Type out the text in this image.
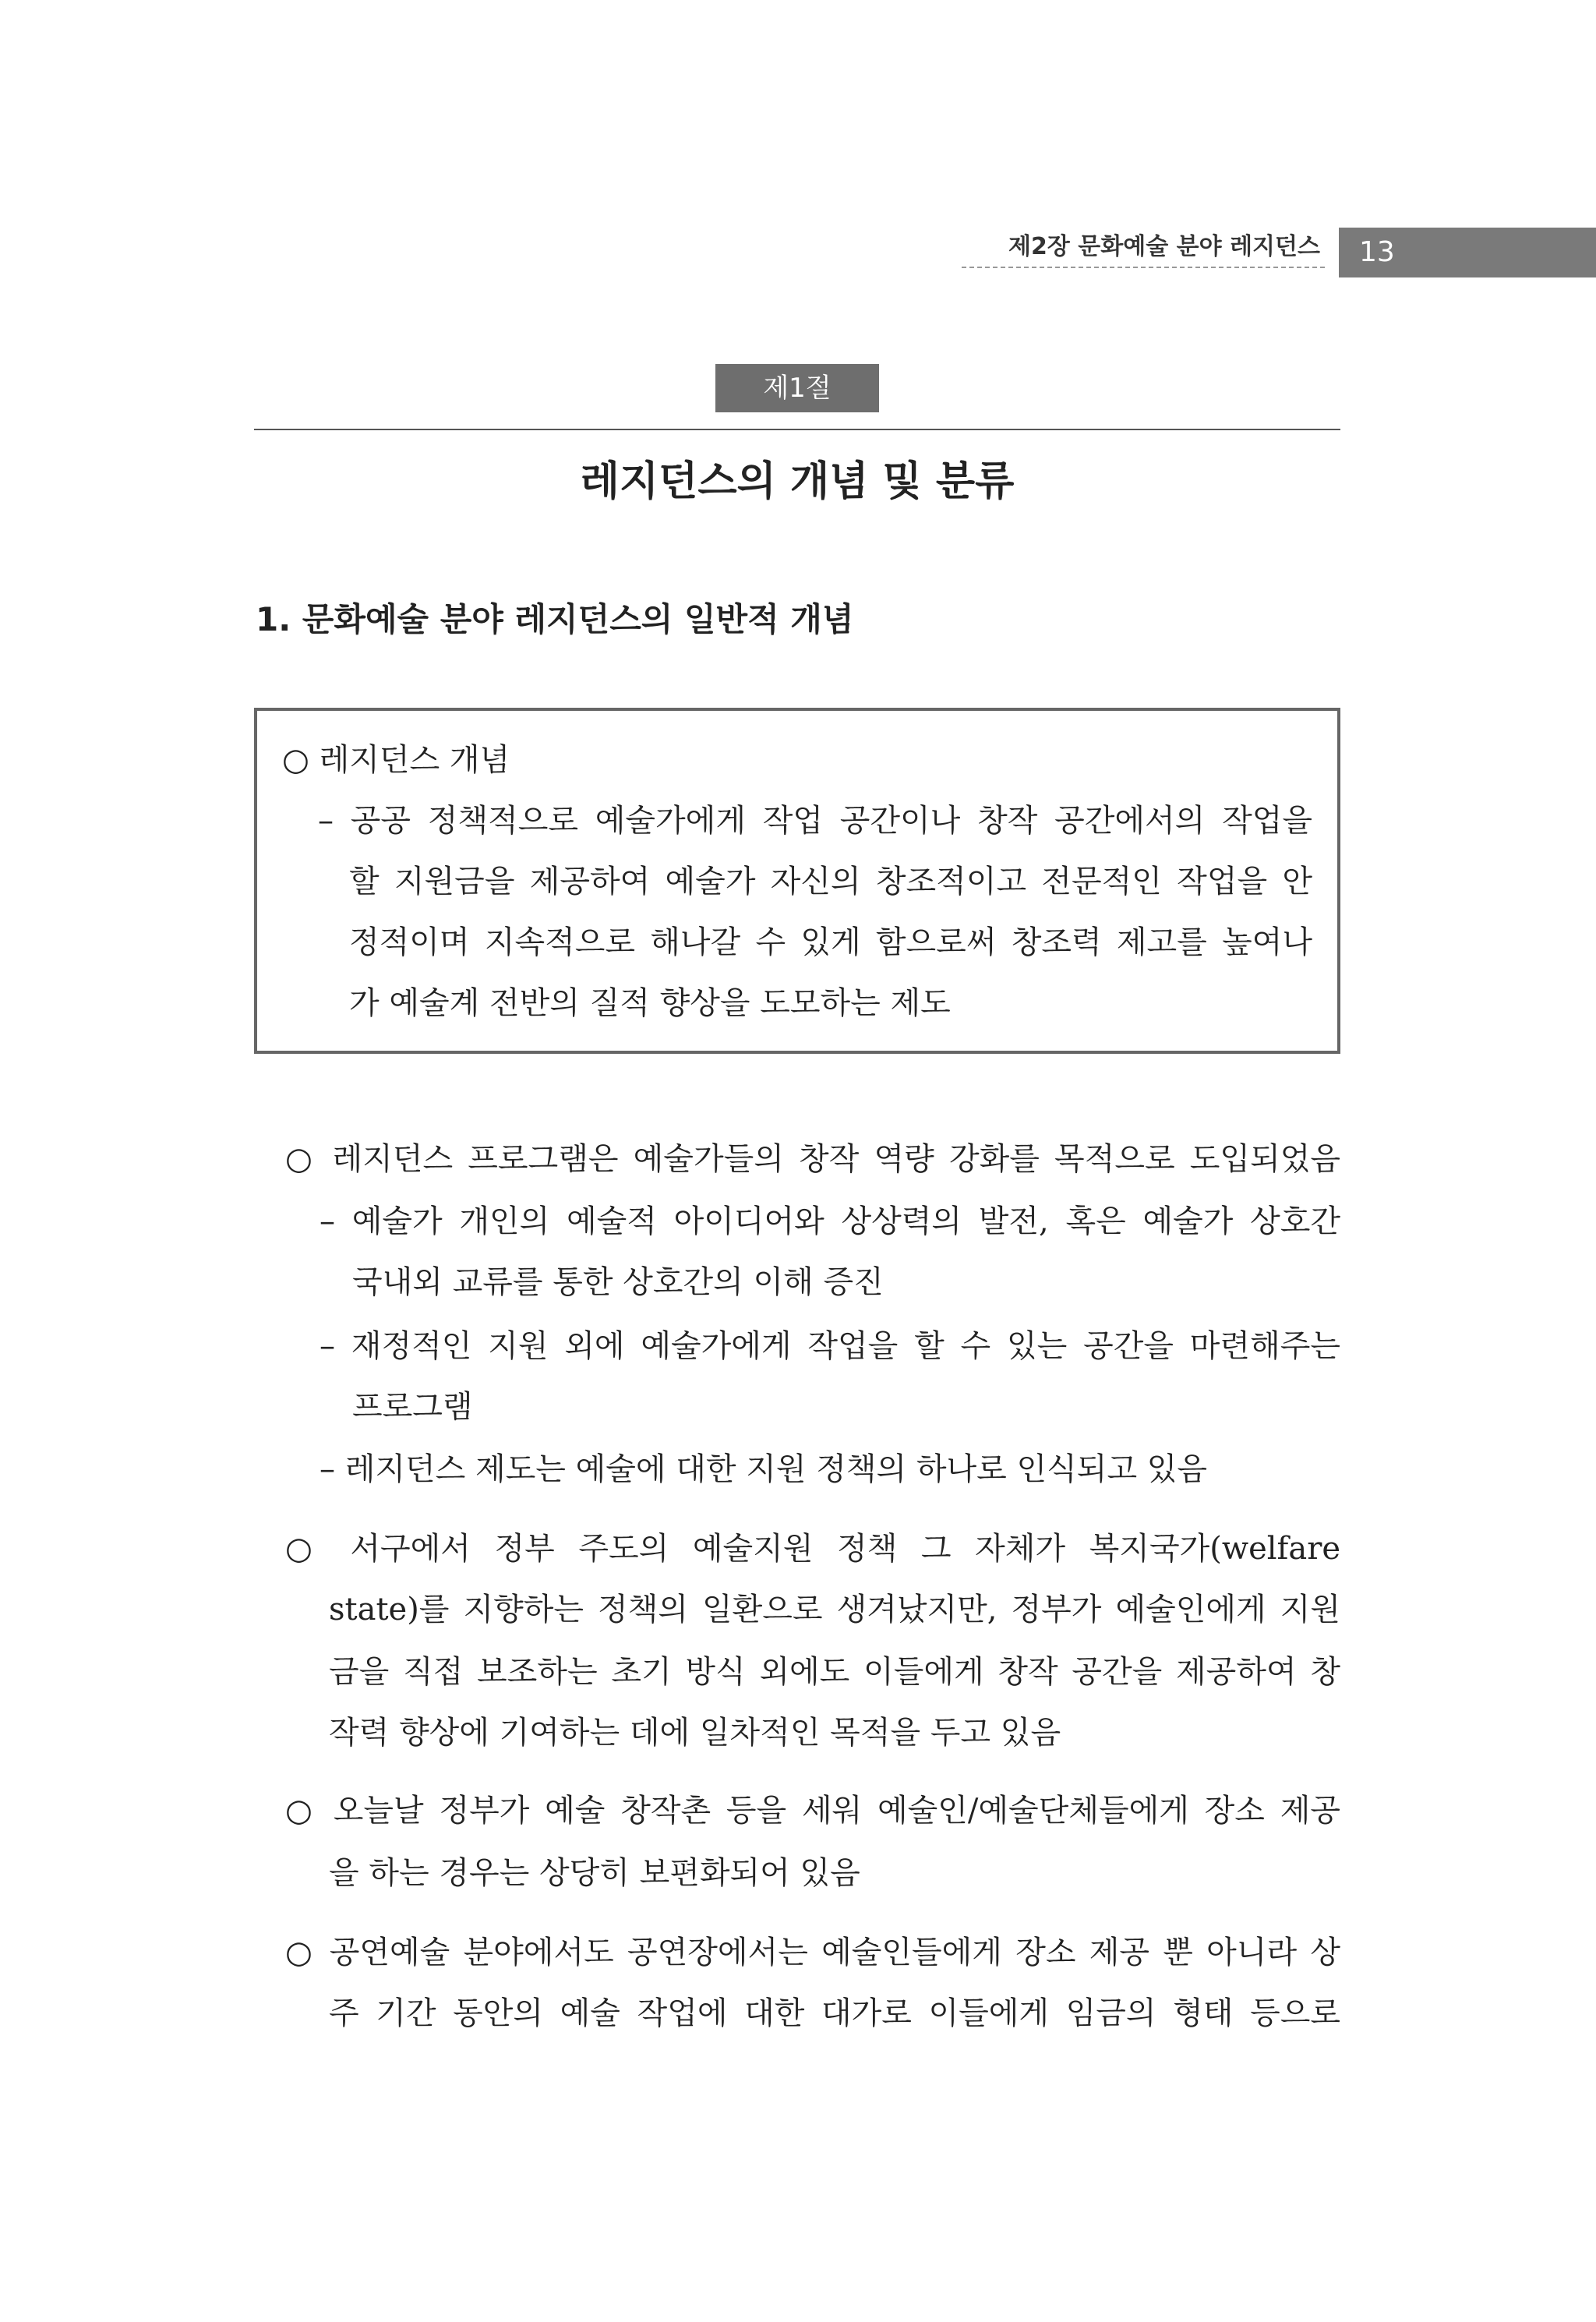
제2장 문화예술 분야 레지던스	13
제1절
레지던스의 개념 및 분류
1. 문화예술 분야 레지던스의 일반적 개념
○ 레지던스 개념
– 공공 정책적으로 예술가에게 작업 공간이나 창작 공간에서의 작업을
할 지원금을 제공하여 예술가 자신의 창조적이고 전문적인 작업을 안
정적이며 지속적으로 해나갈 수 있게 함으로써 창조력 제고를 높여나
가 예술계 전반의 질적 향상을 도모하는 제도
○ 레지던스 프로그램은 예술가들의 창작 역량 강화를 목적으로 도입되었음
– 예술가 개인의 예술적 아이디어와 상상력의 발전, 혹은 예술가 상호간
국내외 교류를 통한 상호간의 이해 증진
– 재정적인 지원 외에 예술가에게 작업을 할 수 있는 공간을 마련해주는
프로그램
– 레지던스 제도는 예술에 대한 지원 정책의 하나로 인식되고 있음
○ 서구에서 정부 주도의 예술지원 정책 그 자체가 복지국가(welfare
state)를 지향하는 정책의 일환으로 생겨났지만, 정부가 예술인에게 지원
금을 직접 보조하는 초기 방식 외에도 이들에게 창작 공간을 제공하여 창
작력 향상에 기여하는 데에 일차적인 목적을 두고 있음
○ 오늘날 정부가 예술 창작촌 등을 세워 예술인/예술단체들에게 장소 제공
을 하는 경우는 상당히 보편화되어 있음
○ 공연예술 분야에서도 공연장에서는 예술인들에게 장소 제공 뿐 아니라 상
주 기간 동안의 예술 작업에 대한 대가로 이들에게 임금의 형태 등으로
